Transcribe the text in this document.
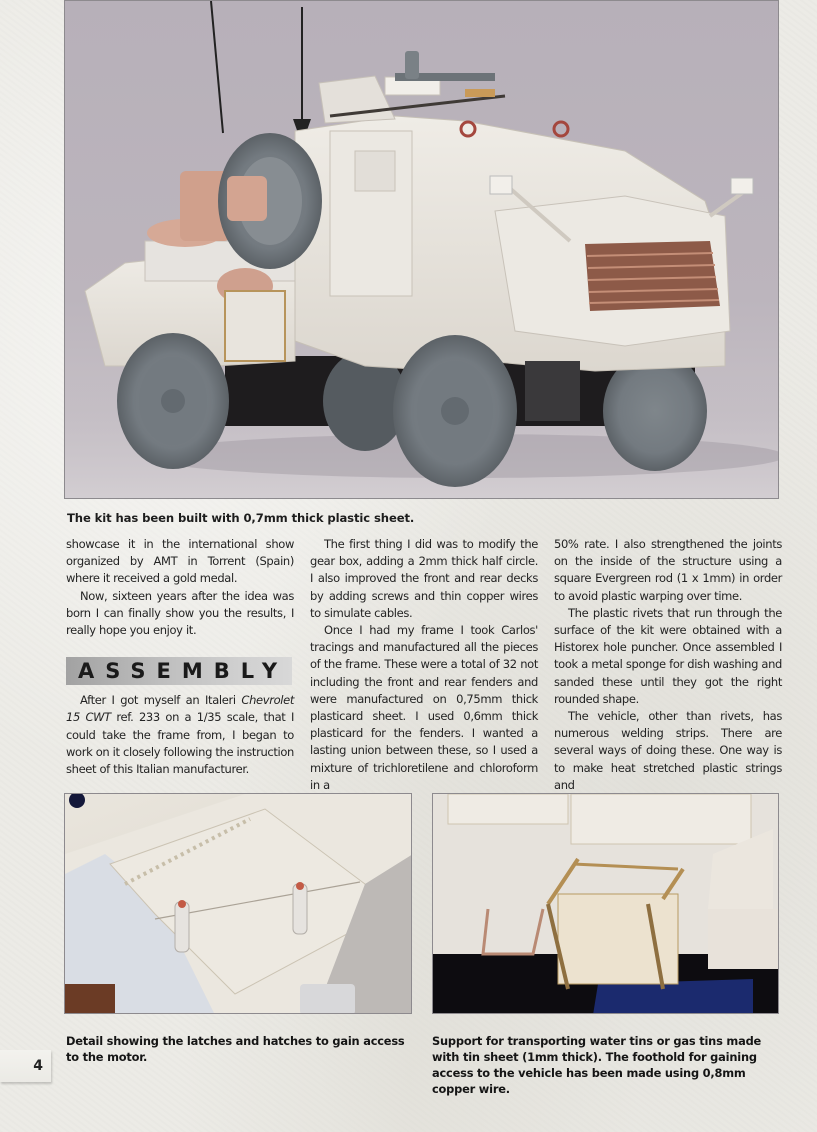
The kit has been built with 0,7mm thick plastic sheet.

showcase it in the international show organized by AMT in Torrent (Spain) where it received a gold medal.

Now, sixteen years after the idea was born I can finally show you the results, I really hope you enjoy it.

ASSEMBLY

After I got myself an Italeri Chevrolet 15 CWT ref. 233 on a 1/35 scale, that I could take the frame from, I began to work on it closely following the instruction sheet of this Italian manufacturer.

The first thing I did was to modify the gear box, adding a 2mm thick half circle. I also improved the front and rear decks by adding screws and thin copper wires to simulate cables.

Once I had my frame I took Carlos' tracings and manufactured all the pieces of the frame. These were a total of 32 not including the front and rear fenders and were manufactured on 0,75mm thick plasticard sheet. I used 0,6mm thick plasticard for the fenders. I wanted a lasting union between these, so I used a mixture of trichloretilene and chloroform in a

50% rate. I also strengthened the joints on the inside of the structure using a square Evergreen rod (1 x 1mm) in order to avoid plastic warping over time.

The plastic rivets that run through the surface of the kit were obtained with a Historex hole puncher. Once assembled I took a metal sponge for dish washing and sanded these until they got the right rounded shape.

The vehicle, other than rivets, has numerous welding strips. There are several ways of doing these. One way is to make heat stretched plastic strings and

Detail showing the latches and hatches to gain access to the motor.
Support for transporting water tins or gas tins made with tin sheet (1mm thick). The foothold for gaining access to the vehicle has been made using 0,8mm copper wire.
4
